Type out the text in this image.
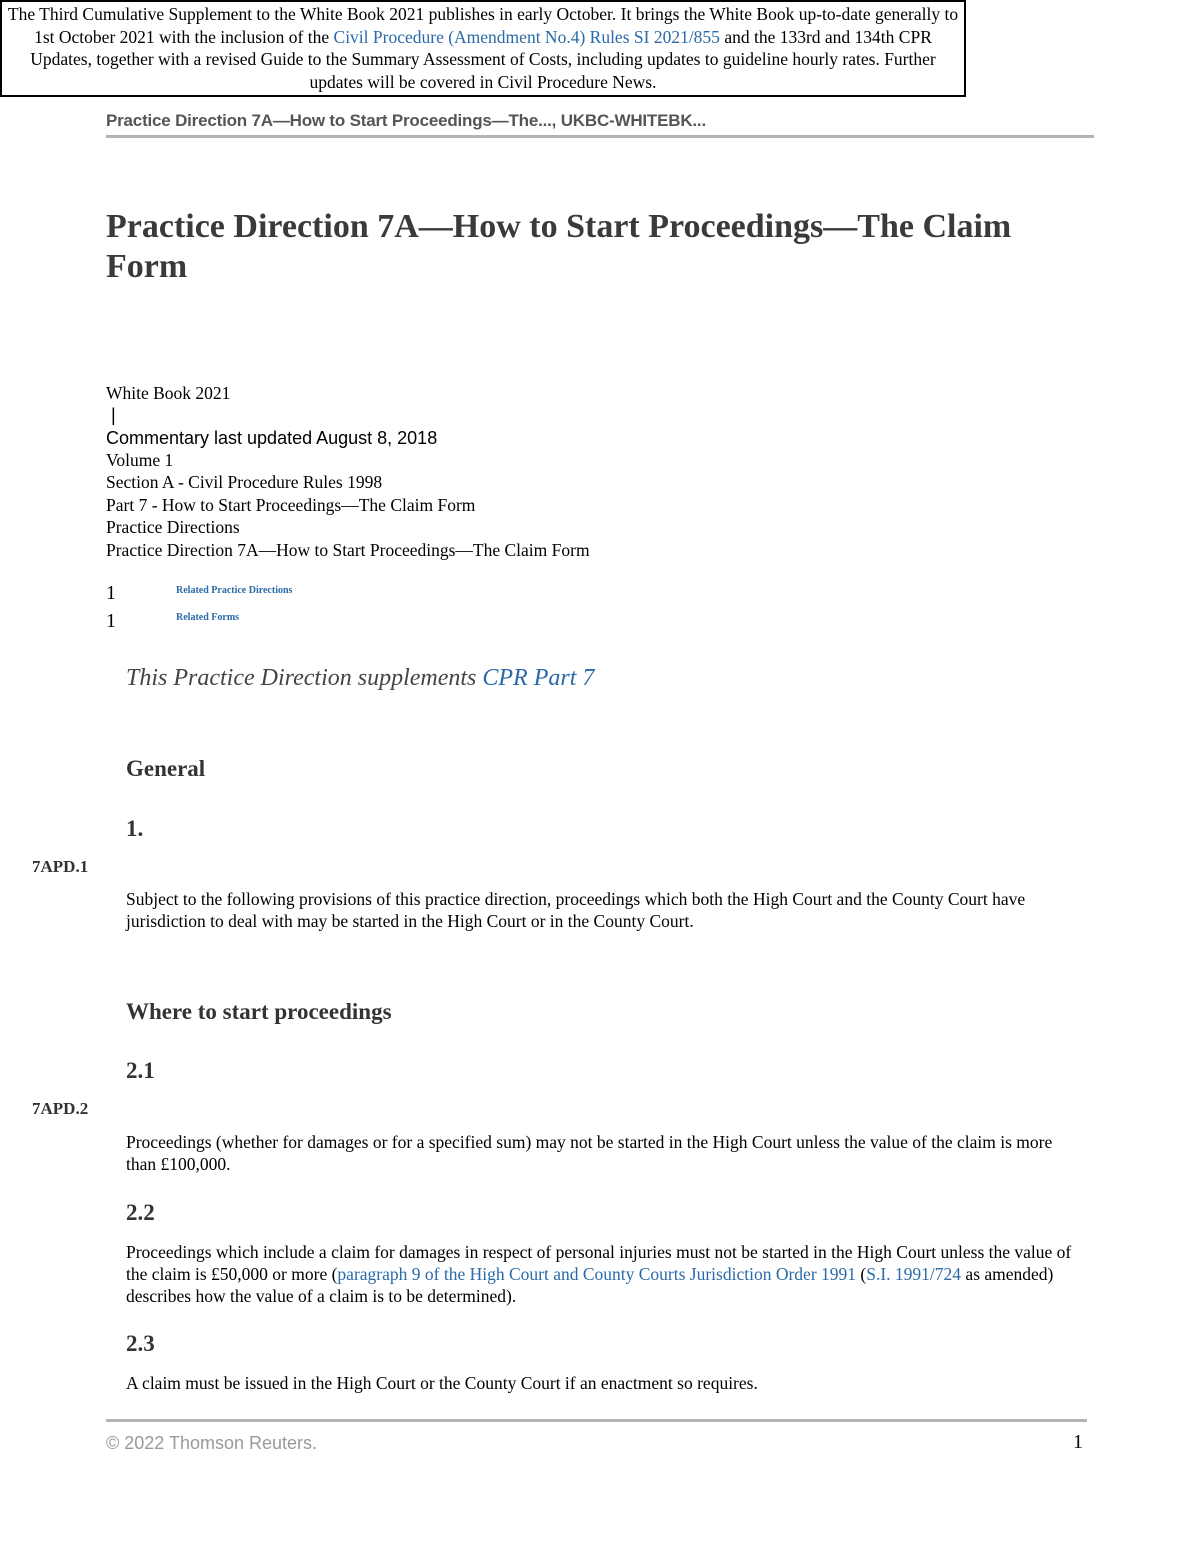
Practice Direction 7A—How to Start Proceedings—The..., UKBC-WHITEBK...
Practice Direction 7A—How to Start Proceedings—The Claim Form
The Third Cumulative Supplement to the White Book 2021 publishes in early October. It brings the White Book up-to-date generally to 1st October 2021 with the inclusion of the Civil Procedure (Amendment No.4) Rules SI 2021/855 and the 133rd and 134th CPR Updates, together with a revised Guide to the Summary Assessment of Costs, including updates to guideline hourly rates. Further updates will be covered in Civil Procedure News.
White Book 2021
|
Commentary last updated August 8, 2018
Volume 1
Section A - Civil Procedure Rules 1998
Part 7 - How to Start Proceedings—The Claim Form
Practice Directions
Practice Direction 7A—How to Start Proceedings—The Claim Form
1	Related Practice Directions
1	Related Forms
This Practice Direction supplements CPR Part 7
General
1.
7APD.1
Subject to the following provisions of this practice direction, proceedings which both the High Court and the County Court have jurisdiction to deal with may be started in the High Court or in the County Court.
Where to start proceedings
2.1
7APD.2
Proceedings (whether for damages or for a specified sum) may not be started in the High Court unless the value of the claim is more than £100,000.
2.2
Proceedings which include a claim for damages in respect of personal injuries must not be started in the High Court unless the value of the claim is £50,000 or more (paragraph 9 of the High Court and County Courts Jurisdiction Order 1991 (S.I. 1991/724 as amended) describes how the value of a claim is to be determined).
2.3
A claim must be issued in the High Court or the County Court if an enactment so requires.
© 2022 Thomson Reuters.	1
